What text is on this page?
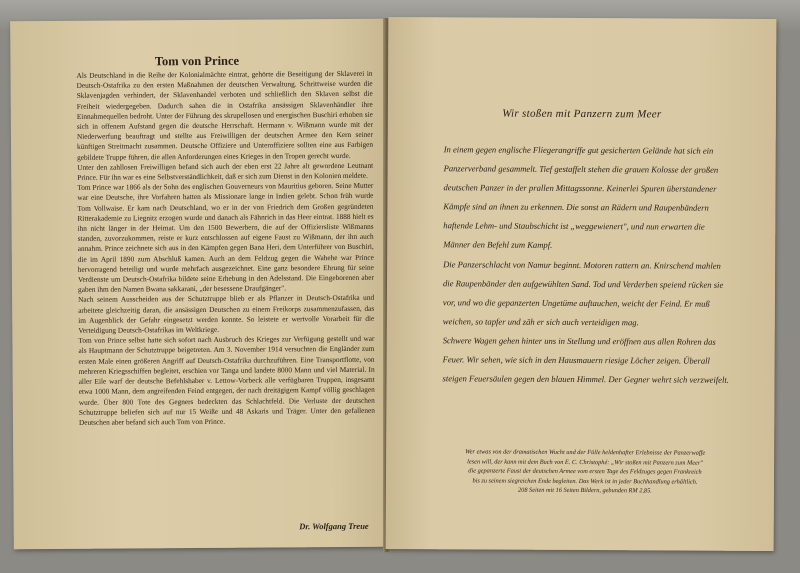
Tom von Prince

Als Deutschland in die Reihe der Kolonialmächte eintrat, gehörte die Beseitigung der Sklaverei in Deutsch-Ostafrika zu den ersten Maßnahmen der deutschen Verwaltung. Schrittweise wurden die Sklavenjagden verhindert, der Sklavenhandel verboten und schließlich den Sklaven selbst die Freiheit wiedergegeben. Dadurch sahen die in Ostafrika ansässigen Sklavenhändler ihre Einnahmequellen bedroht. Unter der Führung des skrupellosen und energischen Buschiri erhoben sie sich in offenem Aufstand gegen die deutsche Herrschaft. Hermann v. Wißmann wurde mit der Niederwerfung beauftragt und stellte aus Freiwilligen der deutschen Armee den Kern seiner künftigen Streitmacht zusammen. Deutsche Offiziere und Unteroffiziere sollten eine aus Farbigen gebildete Truppe führen, die allen Anforderungen eines Krieges in den Tropen gerecht wurde.

Unter den zahllosen Freiwilligen befand sich auch der eben erst 22 Jahre alt gewordene Leutnant Prince. Für ihn war es eine Selbstverständlichkeit, daß er sich zum Dienst in den Kolonien meldete.

Tom Prince war 1866 als der Sohn des englischen Gouverneurs von Mauritius geboren. Seine Mutter war eine Deutsche, ihre Vorfahren hatten als Missionare lange in Indien gelebt. Schon früh wurde Tom Vollwaise. Er kam nach Deutschland, wo er in der von Friedrich dem Großen gegründeten Ritterakademie zu Liegnitz erzogen wurde und danach als Fähnrich in das Heer eintrat. 1888 hielt es ihn nicht länger in der Heimat. Um den 1500 Bewerbern, die auf der Offiziersliste Wißmanns standen, zuvorzukommen, reiste er kurz entschlossen auf eigene Faust zu Wißmann, der ihn auch annahm. Prince zeichnete sich aus in den Kämpfen gegen Bana Heri, dem Unterführer von Buschiri, die im April 1890 zum Abschluß kamen. Auch an dem Feldzug gegen die Wahehe war Prince hervorragend beteiligt und wurde mehrfach ausgezeichnet. Eine ganz besondere Ehrung für seine Verdienste um Deutsch-Ostafrika bildete seine Erhebung in den Adelsstand. Die Eingeborenen aber gaben ihm den Namen Bwana sakkarani, „der besessene Draufgänger".

Nach seinem Ausscheiden aus der Schutztruppe blieb er als Pflanzer in Deutsch-Ostafrika und arbeitete gleichzeitig daran, die ansässigen Deutschen zu einem Freikorps zusammenzufassen, das im Augenblick der Gefahr eingesetzt werden konnte. So leistete er wertvolle Vorarbeit für die Verteidigung Deutsch-Ostafrikas im Weltkriege.

Tom von Prince selbst hatte sich sofort nach Ausbruch des Krieges zur Verfügung gestellt und war als Hauptmann der Schutztruppe beigetreten. Am 3. November 1914 versuchten die Engländer zum ersten Male einen größeren Angriff auf Deutsch-Ostafrika durchzuführen. Eine Transportflotte, von mehreren Kriegsschiffen begleitet, erschien vor Tanga und landete 8000 Mann und viel Material. In aller Eile warf der deutsche Befehlshaber v. Lettow-Vorbeck alle verfügbaren Truppen, insgesamt etwa 1000 Mann, dem angreifenden Feind entgegen, der nach dreitägigem Kampf völlig geschlagen wurde. Über 800 Tote des Gegners bedeckten das Schlachtfeld. Die Verluste der deutschen Schutztruppe beliefen sich auf nur 15 Weiße und 48 Askaris und Träger. Unter den gefallenen Deutschen aber befand sich auch Tom von Prince.

Dr. Wolfgang Treue
Wir stoßen mit Panzern zum Meer

In einem gegen englische Fliegerangriffe gut gesicherten Gelände hat sich ein Panzerverband gesammelt. Tief gestaffelt stehen die grauen Kolosse der großen deutschen Panzer in der prallen Mittagssonne. Keinerlei Spuren überstandener Kämpfe sind an ihnen zu erkennen. Die sonst an Rädern und Raupenbändern haftende Lehm- und Staubschicht ist „weggewienert", und nun erwarten die Männer den Befehl zum Kampf.

Die Panzerschlacht von Namur beginnt. Motoren rattern an. Knirschend mahlen die Raupenbänder den aufgewühlten Sand. Tod und Verderben speiend rücken sie vor, und wo die gepanzerten Ungetüme auftauchen, weicht der Feind. Er muß weichen, so tapfer und zäh er sich auch verteidigen mag.

Schwere Wagen gehen hinter uns in Stellung und eröffnen aus allen Rohren das Feuer. Wir sehen, wie sich in den Hausmauern riesige Löcher zeigen. Überall steigen Feuersäulen gegen den blauen Himmel. Der Gegner wehrt sich verzweifelt.

Wer etwas von der dramatischen Wucht und der Fülle heldenhafter Erlebnisse der Panzerwaffe
lesen will, der kann mit dem Buch von E. C. Christophé: „Wir stoßen mit Panzern zum Meer"
die gepanzerte Faust der deutschen Armee vom ersten Tage des Feldzuges gegen Frankreich
bis zu seinem siegreichen Ende begleiten. Das Werk ist in jeder Buchhandlung erhältlich.
208 Seiten mit 16 Seiten Bildern, gebunden RM 2,85.
